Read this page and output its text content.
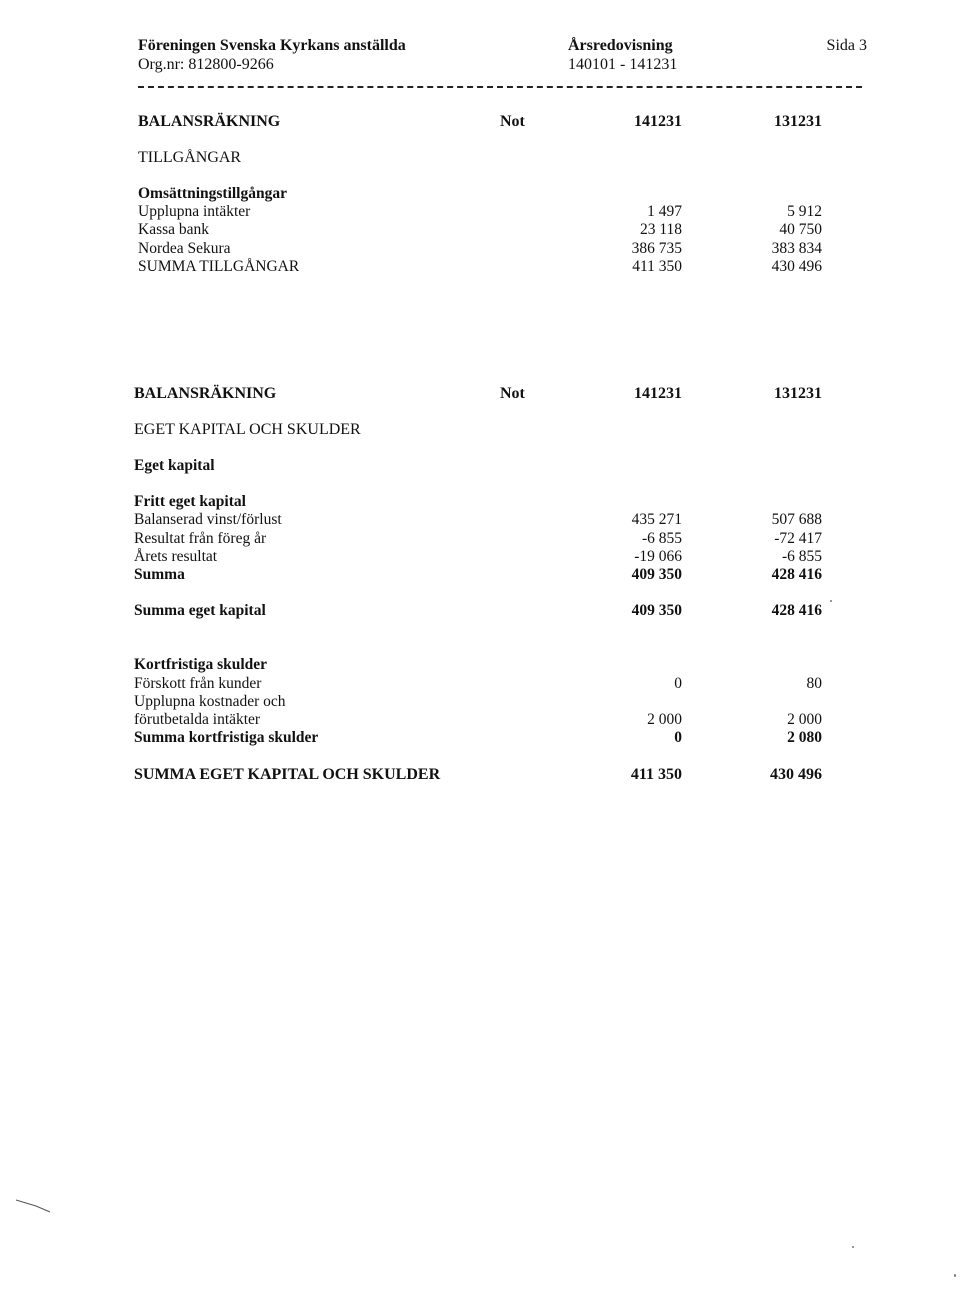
Föreningen Svenska Kyrkans anställda
Org.nr: 812800-9266
Årsredovisning
140101 - 141231
Sida 3
BALANSRÄKNING	Not	141231	131231
TILLGÅNGAR
Omsättningstillgångar
Upplupna intäkter	1 497	5 912
Kassa bank	23 118	40 750
Nordea Sekura	386 735	383 834
SUMMA TILLGÅNGAR	411 350	430 496
BALANSRÄKNING	Not	141231	131231
EGET KAPITAL OCH SKULDER
Eget kapital
Fritt eget kapital
Balanserad vinst/förlust	435 271	507 688
Resultat från föreg år	-6 855	-72 417
Årets resultat	-19 066	-6 855
Summa	409 350	428 416
Summa eget kapital	409 350	428 416
Kortfristiga skulder
Förskott från kunder	0	80
Upplupna kostnader och
förutbetalda intäkter	2 000	2 000
Summa kortfristiga skulder	0	2 080
SUMMA EGET KAPITAL OCH SKULDER	411 350	430 496
